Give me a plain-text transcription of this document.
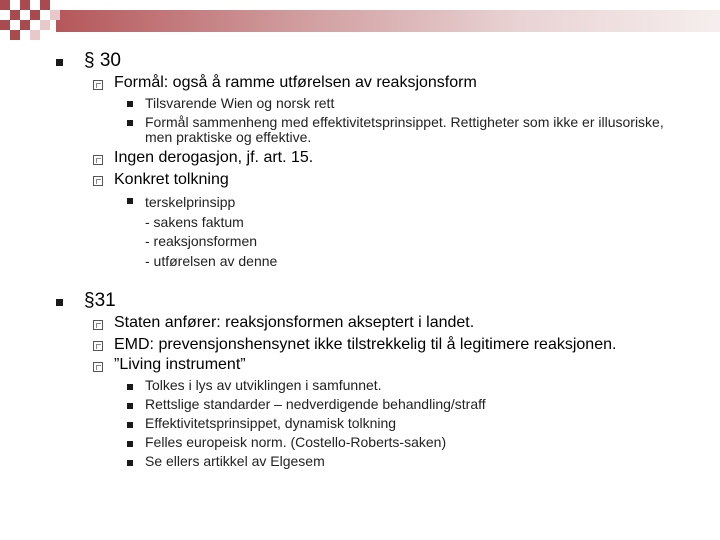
§ 30
Formål: også å ramme utførelsen av reaksjonsform
Tilsvarende Wien og norsk rett
Formål sammenheng med effektivitetsprinsippet. Rettigheter som ikke er illusoriske, men praktiske og effektive.
Ingen derogasjon, jf. art. 15.
Konkret tolkning
terskelprinsipp
- sakens faktum
- reaksjonsformen
- utførelsen av denne
§31
Staten anfører: reaksjonsformen akseptert i landet.
EMD: prevensjonshensynet ikke tilstrekkelig til å legitimere reaksjonen.
”Living instrument”
Tolkes i lys av utviklingen i samfunnet.
Rettslige standarder – nedverdigende behandling/straff
Effektivitetsprinsippet, dynamisk tolkning
Felles europeisk norm. (Costello-Roberts-saken)
Se ellers artikkel av Elgesem
